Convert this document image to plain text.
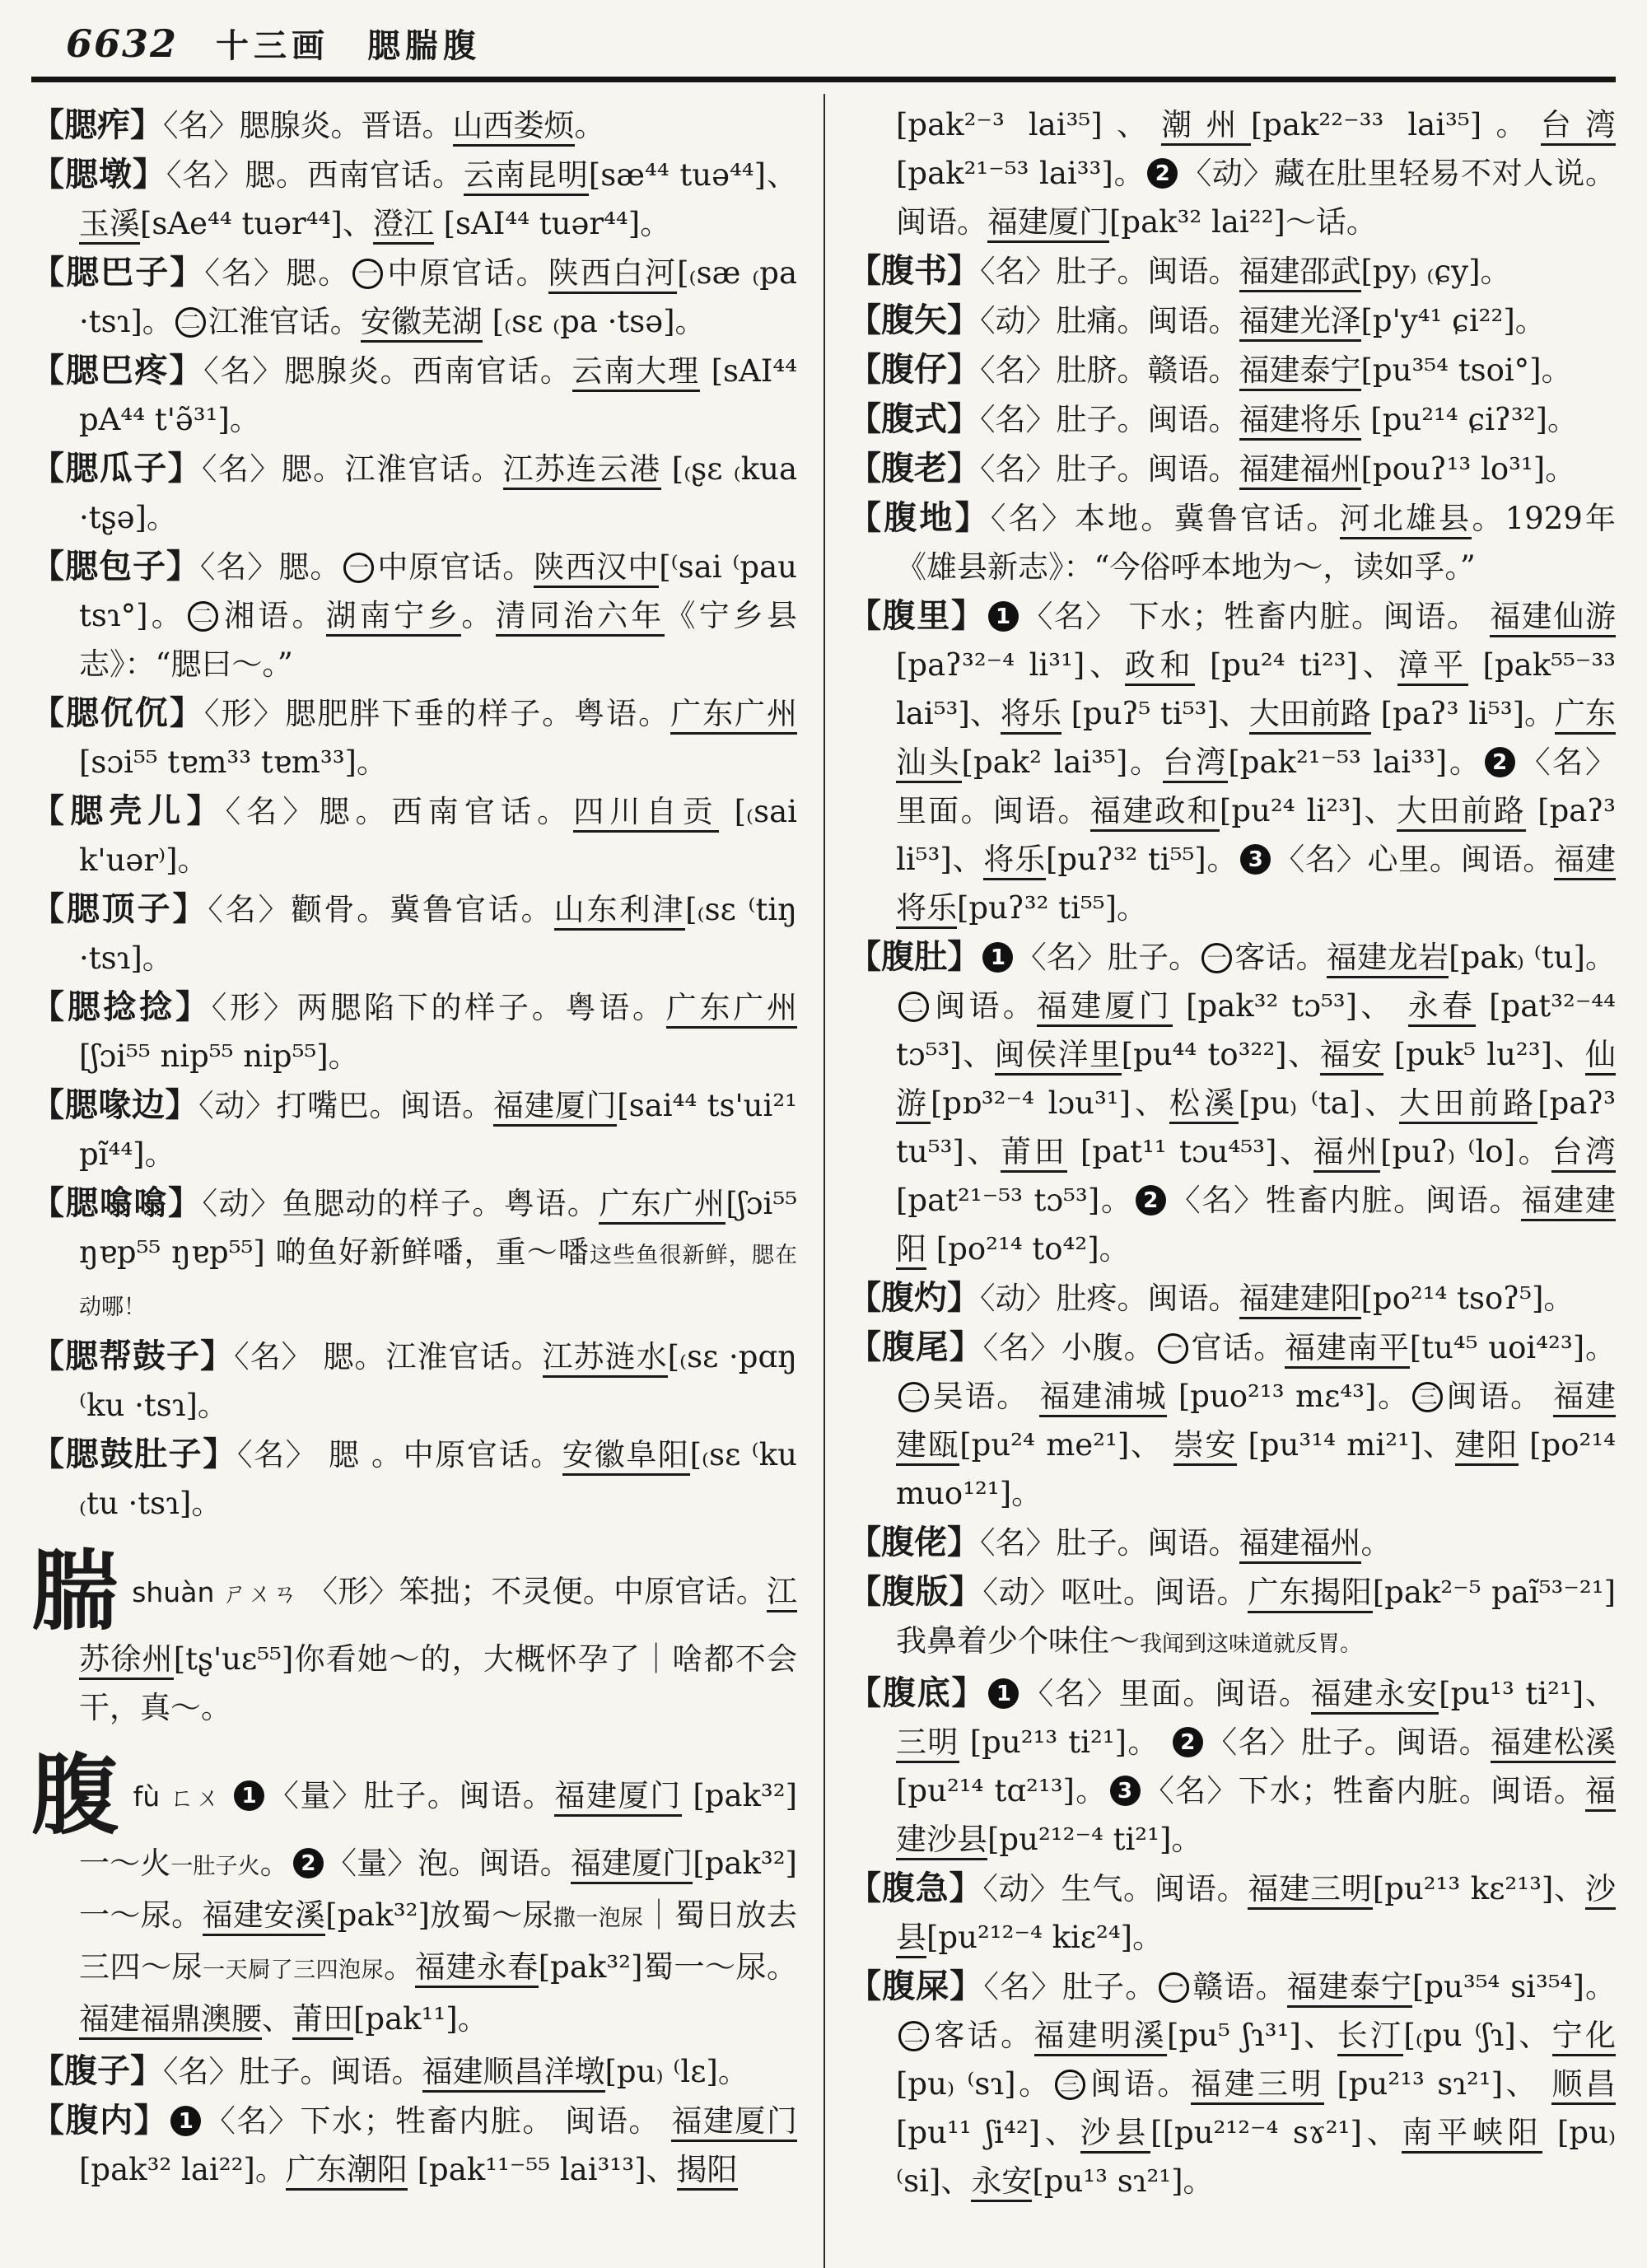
6632 十三画 腮腨腹
【腮痄】〈名〉腮腺炎。晋语。山西娄烦。
【腮墩】〈名〉腮。西南官话。云南昆明[sæ⁴⁴ tuə⁴⁴]、玉溪[sAe⁴⁴ tuər⁴⁴]、澄江 [sAI⁴⁴ tuər⁴⁴]。
【腮巴子】〈名〉腮。 一 中原官话。陕西白河[₍sæ ₍pa ·tsɿ]。 二 江淮官话。安徽芜湖 [₍sɛ ₍pa ·tsə]。
【腮巴疼】〈名〉腮腺炎。西南官话。云南大理 [sAI⁴⁴ pA⁴⁴ t'ə̃³¹]。
【腮瓜子】〈名〉腮。江淮官话。江苏连云港 [₍ʂɛ ₍kua ·tʂə]。
【腮包子】〈名〉腮。 一 中原官话。陕西汉中[⁽sai ⁽pau tsɿ°]。 二 湘语。湖南宁乡。清同治六年《宁乡县志》：“腮曰～。”
【腮伔伔】〈形〉腮肥胖下垂的样子。粤语。广东广州[sɔi⁵⁵ tɐm³³ tɐm³³]。
【腮壳儿】〈名〉腮。西南官话。四川自贡 [₍sai k'uər⁾]。
【腮顶子】〈名〉颧骨。冀鲁官话。山东利津[₍sɛ ⁽tiŋ ·tsɿ]。
【腮捻捻】〈形〉两腮陷下的样子。粤语。广东广州[ʃɔi⁵⁵ nip⁵⁵ nip⁵⁵]。
【腮喙边】〈动〉打嘴巴。闽语。福建厦门[sai⁴⁴ ts'ui²¹ pĩ⁴⁴]。
【腮噏噏】〈动〉鱼腮动的样子。粤语。广东广州[ʃɔi⁵⁵ ŋɐp⁵⁵ ŋɐp⁵⁵] 啲鱼好新鲜噃，重～噃这些鱼很新鲜，腮在动哪！
【腮帮鼓子】〈名〉 腮。江淮官话。江苏涟水[₍sɛ ·pɑŋ ⁽ku ·tsɿ]。
【腮鼓肚子】〈名〉 腮 。中原官话。安徽阜阳[₍sɛ ⁽ku ₍tu ·tsɿ]。
腨shuàn ㄕㄨㄢ 〈形〉笨拙；不灵便。中原官话。江苏徐州[tʂ'uɛ⁵⁵]你看她～的，大概怀孕了｜啥都不会干，真～。
腹fù ㄈㄨ 1 〈量〉肚子。闽语。福建厦门 [pak³²] 一～火一肚子火。 2 〈量〉泡。闽语。福建厦门[pak³²] 一～尿。福建安溪[pak³²]放蜀～尿撒一泡尿｜蜀日放去三四～尿一天屙了三四泡尿。福建永春[pak³²]蜀一～尿。福建福鼎澳腰、莆田[pak¹¹]。
【腹子】〈名〉肚子。闽语。福建顺昌洋墩[pu₎ ⁽lɛ]。
【腹内】 1 〈名〉下水；牲畜内脏。 闽语。 福建厦门[pak³² lai²²]。广东潮阳 [pak¹¹⁻⁵⁵ lai³¹³]、揭阳
[pak²⁻³ lai³⁵]、潮州[pak²²⁻³³ lai³⁵]。台湾[pak²¹⁻⁵³ lai³³]。 2 〈动〉藏在肚里轻易不对人说。闽语。福建厦门[pak³² lai²²]～话。
【腹书】〈名〉肚子。闽语。福建邵武[py₎ ₍ɕy]。
【腹矢】〈动〉肚痛。闽语。福建光泽[p'y⁴¹ ɕi²²]。
【腹仔】〈名〉肚脐。赣语。福建泰宁[pu³⁵⁴ tsoi°]。
【腹式】〈名〉肚子。闽语。福建将乐 [pu²¹⁴ ɕiʔ³²]。
【腹老】〈名〉肚子。闽语。福建福州[pouʔ¹³ lo³¹]。
【腹地】〈名〉本地。冀鲁官话。河北雄县。1929年《雄县新志》：“今俗呼本地为～，读如孚。”
【腹里】 1 〈名〉 下水；牲畜内脏。闽语。 福建仙游 [paʔ³²⁻⁴ li³¹]、政和 [pu²⁴ ti²³]、漳平 [pak⁵⁵⁻³³ lai⁵³]、将乐 [puʔ⁵ ti⁵³]、大田前路 [paʔ³ li⁵³]。广东汕头[pak² lai³⁵]。台湾[pak²¹⁻⁵³ lai³³]。 2 〈名〉里面。闽语。福建政和[pu²⁴ li²³]、大田前路 [paʔ³ li⁵³]、将乐[puʔ³² ti⁵⁵]。 3 〈名〉心里。闽语。福建将乐[puʔ³² ti⁵⁵]。
【腹肚】 1 〈名〉肚子。 一 客话。福建龙岩[pak₎ ⁽tu]。二 闽语。福建厦门 [pak³² tɔ⁵³]、 永春 [pat³²⁻⁴⁴ tɔ⁵³]、闽侯洋里[pu⁴⁴ to³²²]、福安 [puk⁵ lu²³]、仙游[pɒ³²⁻⁴ lɔu³¹]、松溪[pu₎ ⁽ta]、大田前路[paʔ³ tu⁵³]、莆田 [pat¹¹ tɔu⁴⁵³]、福州[puʔ₎ ⁽lo]。台湾 [pat²¹⁻⁵³ tɔ⁵³]。 2 〈名〉牲畜内脏。闽语。福建建阳 [po²¹⁴ to⁴²]。
【腹灼】〈动〉肚疼。闽语。福建建阳[po²¹⁴ tsoʔ⁵]。
【腹尾】〈名〉小腹。 一 官话。福建南平[tu⁴⁵ uoi⁴²³]。二 吴语。 福建浦城 [puo²¹³ mɛ⁴³]。 三 闽语。 福建建瓯[pu²⁴ me²¹]、 崇安 [pu³¹⁴ mi²¹]、建阳 [po²¹⁴ muo¹²¹]。
【腹佬】〈名〉肚子。闽语。福建福州。
【腹版】〈动〉呕吐。闽语。广东揭阳[pak²⁻⁵ paĩ⁵³⁻²¹] 我鼻着少个味住～我闻到这味道就反胃。
【腹底】 1 〈名〉里面。闽语。福建永安[pu¹³ ti²¹]、三明 [pu²¹³ ti²¹]。 2 〈名〉肚子。闽语。福建松溪[pu²¹⁴ tɑ²¹³]。 3 〈名〉下水；牲畜内脏。闽语。福建沙县[pu²¹²⁻⁴ ti²¹]。
【腹急】〈动〉生气。闽语。福建三明[pu²¹³ kɛ²¹³]、沙县[pu²¹²⁻⁴ kiɛ²⁴]。
【腹屎】〈名〉肚子。 一 赣语。福建泰宁[pu³⁵⁴ si³⁵⁴]。二 客话。福建明溪[pu⁵ ʃɿ³¹]、长汀[₍pu ⁽ʃɿ]、宁化[pu₎ ⁽sɿ]。 三 闽语。福建三明 [pu²¹³ sɿ²¹]、 顺昌[pu¹¹ ʃi⁴²]、沙县[[pu²¹²⁻⁴ sɤ²¹]、南平峡阳 [pu₎ ⁽si]、永安[pu¹³ sɿ²¹]。
